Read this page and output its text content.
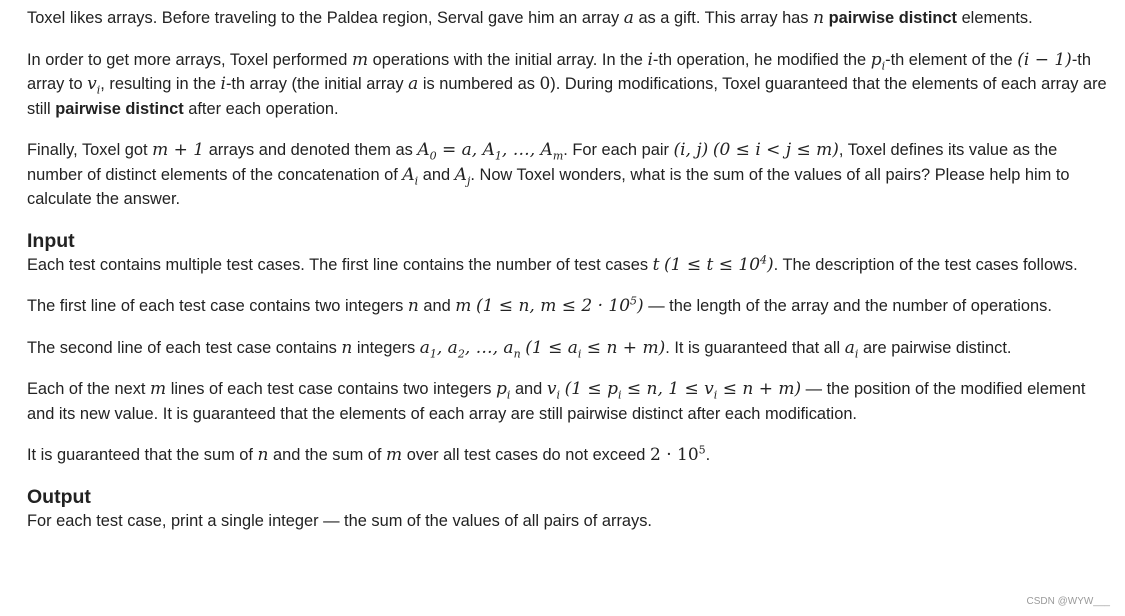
Toxel likes arrays. Before traveling to the Paldea region, Serval gave him an array a as a gift. This array has n pairwise distinct elements.

In order to get more arrays, Toxel performed m operations with the initial array. In the i-th operation, he modified the $p_i-th$ element of the (i − 1)-th array to $v_i$, resulting in the i-th array (the initial array a is numbered as 0). During modifications, Toxel guaranteed that the elements of each array are still pairwise distinct after each operation.

Finally, Toxel got m + 1 arrays and denoted them as $A_0 = a$, $A_1$, …, $A_m$. For each pair (i, j) (0 ≤ i < j ≤ m), Toxel defines its value as the number of distinct elements of the concatenation of $A_i$ and $A_j$. Now Toxel wonders, what is the sum of the values of all pairs? Please help him to calculate the answer.

Input

Each test contains multiple test cases. The first line contains the number of test cases t $(1 \le t \le 10^4)$. The description of the test cases follows.

The first line of each test case contains two integers n and m (1 ≤ n, $m \le 2 \cdot 10^5$) — the length of the array and the number of operations.

The second line of each test case contains n integers $a_1$, $a_2$, …, $a_n$ $(1 \le a_i \le n + m)$. It is guaranteed that all $a_i$ are pairwise distinct.

Each of the next m lines of each test case contains two integers $p_i$ and $v_i$ ($1 \le p_i \le n$, $1 \le v_i \le n + m$) — the position of the modified element and its new value. It is guaranteed that the elements of each array are still pairwise distinct after each modification.

It is guaranteed that the sum of n and the sum of m over all test cases do not exceed $2 \cdot 10^5$.

Output

For each test case, print a single integer — the sum of the values of all pairs of arrays.

CSDN @WYW___
